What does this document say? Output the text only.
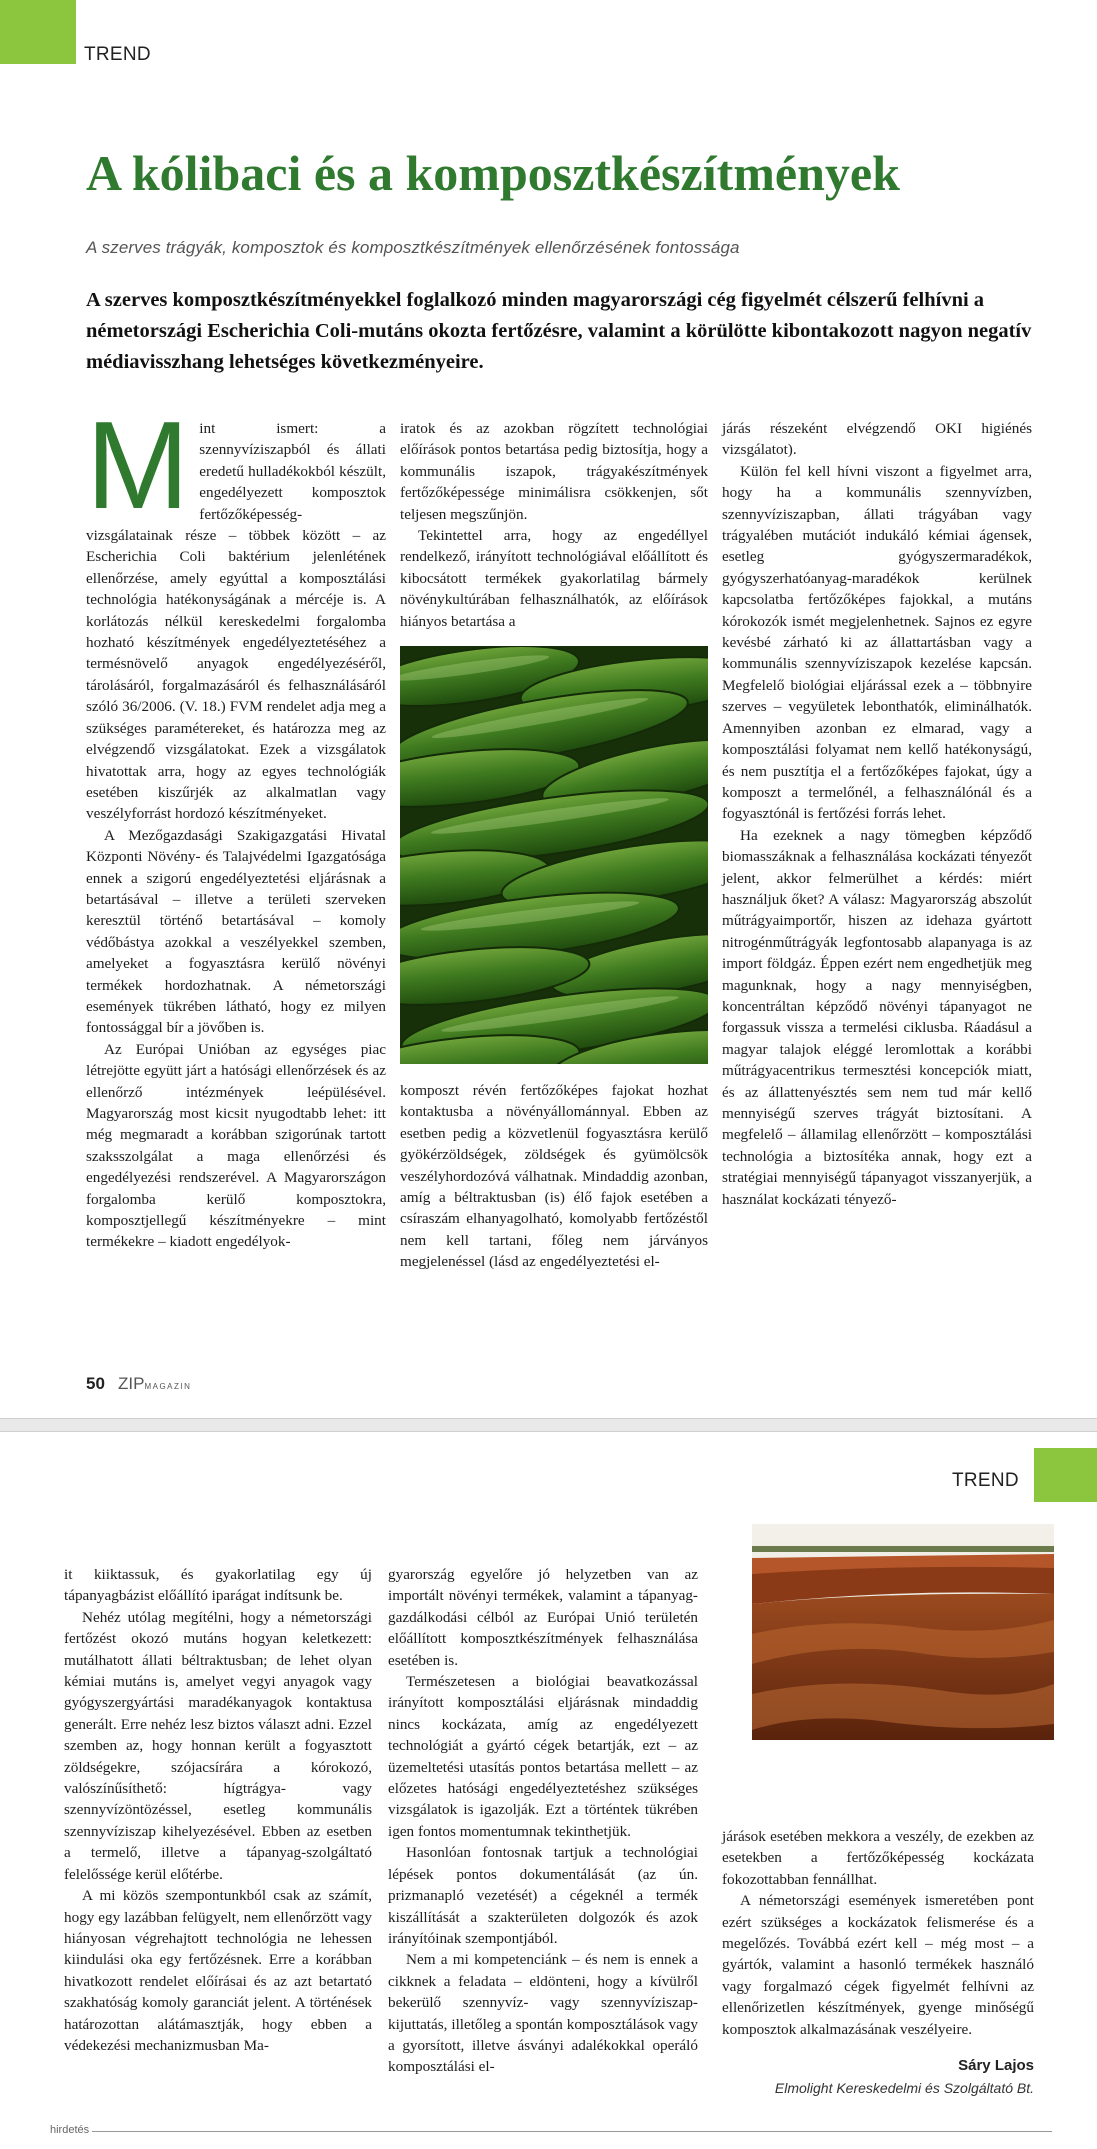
TREND
A kólibaci és a komposztkészítmények
A szerves trágyák, komposztok és komposztkészítmények ellenőrzésének fontossága

A szerves komposztkészítményekkel foglalkozó minden magyarországi cég figyelmét célszerű felhívni a németországi Escherichia Coli-mutáns okozta fertőzésre, valamint a körülötte kibontakozott nagyon negatív médiavisszhang lehetséges következményeire.

Mint ismert: a szennyvíziszapból és állati eredetű hulladékokból készült, engedélyezett komposztok fertőzőképesség-vizsgálatainak része – többek között – az Escherichia Coli baktérium jelenlétének ellenőrzése, amely egyúttal a komposztálási technológia hatékonyságának a mércéje is. A korlátozás nélkül kereskedelmi forgalomba hozható készítmények engedélyeztetéséhez a termésnövelő anyagok engedélyezéséről, tárolásáról, forgalmazásáról és felhasználásáról szóló 36/2006. (V. 18.) FVM rendelet adja meg a szükséges paramétereket, és határozza meg az elvégzendő vizsgálatokat. Ezek a vizsgálatok hivatottak arra, hogy az egyes technológiák esetében kiszűrjék az alkalmatlan vagy veszélyforrást hordozó készítményeket.

A Mezőgazdasági Szakigazgatási Hivatal Központi Növény- és Talajvédelmi Igazgatósága ennek a szigorú engedélyeztetési eljárásnak a betartásával – illetve a területi szerveken keresztül történő betartásával – komoly védőbástya azokkal a veszélyekkel szemben, amelyeket a fogyasztásra kerülő növényi termékek hordozhatnak. A németországi események tükrében látható, hogy ez milyen fontossággal bír a jövőben is.

Az Európai Unióban az egységes piac létrejötte együtt járt a hatósági ellenőrzések és az ellenőrző intézmények leépülésével. Magyarország most kicsit nyugodtabb lehet: itt még megmaradt a korábban szigorúnak tartott szaksszolgálat a maga ellenőrzési és engedélyezési rendszerével. A Magyarországon forgalomba kerülő komposztokra, komposztjellegű készítményekre – mint termékekre – kiadott engedélyok-

iratok és az azokban rögzített technológiai előírások pontos betartása pedig biztosítja, hogy a kommunális iszapok, trágyakészítmények fertőzőképessége minimálisra csökkenjen, sőt teljesen megszűnjön.

Tekintettel arra, hogy az engedéllyel rendelkező, irányított technológiával előállított és kibocsátott termékek gyakorlatilag bármely növénykultúrában felhasználhatók, az előírások hiányos betartása a

komposzt révén fertőzőképes fajokat hozhat kontaktusba a növényállománnyal. Ebben az esetben pedig a közvetlenül fogyasztásra kerülő gyökérzöldségek, zöldségek és gyümölcsök veszélyhordozóvá válhatnak. Mindaddig azonban, amíg a béltraktusban (is) élő fajok esetében a csíraszám elhanyagolható, komolyabb fertőzéstől nem kell tartani, főleg nem járványos megjelenéssel (lásd az engedélyeztetési el-

járás részeként elvégzendő OKI higiénés vizsgálatot).

Külön fel kell hívni viszont a figyelmet arra, hogy ha a kommunális szennyvízben, szennyvíziszapban, állati trágyában vagy trágyalében mutációt indukáló kémiai ágensek, esetleg gyógyszermaradékok, gyógyszerhatóanyag-maradékok kerülnek kapcsolatba fertőzőképes fajokkal, a mutáns kórokozók ismét megjelenhetnek. Sajnos ez egyre kevésbé zárható ki az állattartásban vagy a kommunális szennyvíziszapok kezelése kapcsán. Megfelelő biológiai eljárással ezek a – többnyire szerves – vegyületek lebonthatók, eliminálhatók. Amennyiben azonban ez elmarad, vagy a komposztálási folyamat nem kellő hatékonyságú, és nem pusztítja el a fertőzőképes fajokat, úgy a komposzt a termelőnél, a felhasználónál és a fogyasztónál is fertőzési forrás lehet.

Ha ezeknek a nagy tömegben képződő biomasszáknak a felhasználása kockázati tényezőt jelent, akkor felmerülhet a kérdés: miért használjuk őket? A válasz: Magyarország abszolút műtrágyaimportőr, hiszen az idehaza gyártott nitrogénműtrágyák legfontosabb alapanyaga is az import földgáz. Éppen ezért nem engedhetjük meg magunknak, hogy a nagy mennyiségben, koncentráltan képződő növényi tápanyagot ne forgassuk vissza a termelési ciklusba. Ráadásul a magyar talajok eléggé leromlottak a korábbi műtrágyacentrikus termesztési koncepciók miatt, és az állattenyésztés sem nem tud már kellő mennyiségű szerves trágyát biztosítani. A megfelelő – államilag ellenőrzött – komposztálási technológia a biztosítéka annak, hogy ezt a stratégiai mennyiségű tápanyagot visszanyerjük, a használat kockázati tényező-

50 ZIPMAGAZIN
TREND

it kiiktassuk, és gyakorlatilag egy új tápanyagbázist előállító iparágat indítsunk be.

Nehéz utólag megítélni, hogy a németországi fertőzést okozó mutáns hogyan keletkezett: mutálhatott állati béltraktusban; de lehet olyan kémiai mutáns is, amelyet vegyi anyagok vagy gyógyszergyártási maradékanyagok kontaktusa generált. Erre nehéz lesz biztos választ adni. Ezzel szemben az, hogy honnan került a fogyasztott zöldségekre, szójacsírára a kórokozó, valószínűsíthető: hígtrágya- vagy szennyvízöntözéssel, esetleg kommunális szennyvíziszap kihelyezésével. Ebben az esetben a termelő, illetve a tápanyag-szolgáltató felelőssége kerül előtérbe.

A mi közös szempontunkból csak az számít, hogy egy lazábban felügyelt, nem ellenőrzött vagy hiányosan végrehajtott technológia ne lehessen kiindulási oka egy fertőzésnek. Erre a korábban hivatkozott rendelet előírásai és az azt betartató szakhatóság komoly garanciát jelent. A történések határozottan alátámasztják, hogy ebben a védekezési mechanizmusban Ma-

gyarország egyelőre jó helyzetben van az importált növényi termékek, valamint a tápanyag-gazdálkodási célból az Európai Unió területén előállított komposztkészítmények felhasználása esetében is.

Természetesen a biológiai beavatkozással irányított komposztálási eljárásnak mindaddig nincs kockázata, amíg az engedélyezett technológiát a gyártó cégek betartják, ezt – az üzemeltetési utasítás pontos betartása mellett – az előzetes hatósági engedélyeztetéshez szükséges vizsgálatok is igazolják. Ezt a történtek tükrében igen fontos momentumnak tekinthetjük.

Hasonlóan fontosnak tartjuk a technológiai lépések pontos dokumentálását (az ún. prizmanapló vezetését) a cégeknél a termék kiszállítását a szakterületen dolgozók és azok irányítóinak szempontjából.

Nem a mi kompetenciánk – és nem is ennek a cikknek a feladata – eldönteni, hogy a kívülről bekerülő szennyvíz- vagy szennyvíziszap-kijuttatás, illetőleg a spontán komposztálások vagy a gyorsított, illetve ásványi adalékokkal operáló komposztálási el-

járások esetében mekkora a veszély, de ezekben az esetekben a fertőzőképesség kockázata fokozottabban fennállhat.

A németországi események ismeretében pont ezért szükséges a kockázatok felismerése és a megelőzés. Továbbá ezért kell – még most – a gyártók, valamint a hasonló termékek használó vagy forgalmazó cégek figyelmét felhívni az ellenőrizetlen készítmények, gyenge minőségű komposztok alkalmazásának veszélyeire.

Sáry Lajos
Elmolight Kereskedelmi és Szolgáltató Bt.
hirdetés
